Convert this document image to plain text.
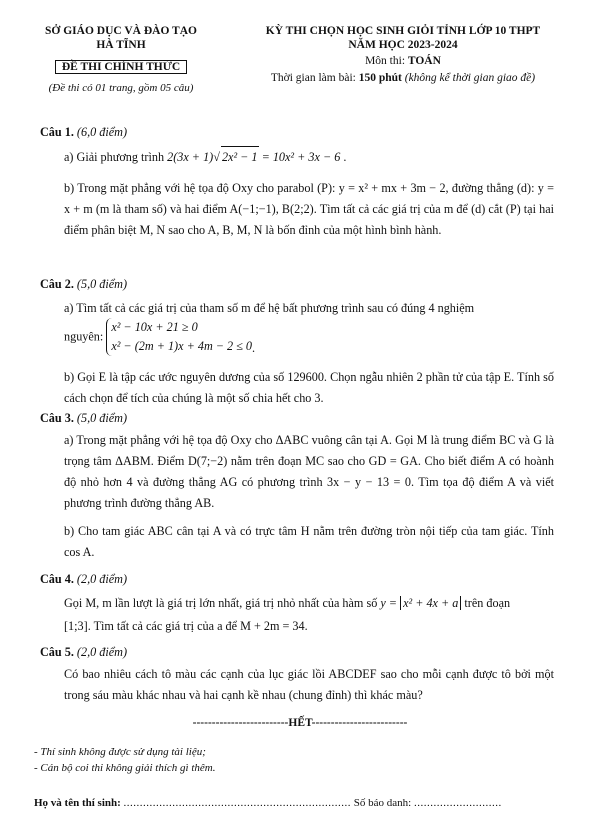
SỞ GIÁO DỤC VÀ ĐÀO TẠO
HÀ TĨNH
ĐỀ THI CHÍNH THỨC
(Đề thi có 01 trang, gồm 05 câu)
KỲ THI CHỌN HỌC SINH GIỎI TỈNH LỚP 10 THPT
NĂM HỌC 2023-2024
Môn thi: TOÁN
Thời gian làm bài: 150 phút (không kể thời gian giao đề)
Câu 1. (6,0 điểm)
a) Giải phương trình 2(3x + 1)√ 2x² − 1 = 10x² + 3x − 6 .
b) Trong mặt phẳng với hệ tọa độ Oxy cho parabol (P): y = x² + mx + 3m − 2, đường thẳng (d): y = x + m (m là tham số) và hai điểm A(−1;−1), B(2;2). Tìm tất cả các giá trị của m để (d) cắt (P) tại hai điểm phân biệt M, N sao cho A, B, M, N là bốn đỉnh của một hình bình hành.
Câu 2. (5,0 điểm)
a) Tìm tất cả các giá trị của tham số m để hệ bất phương trình sau có đúng 4 nghiệm
nguyên: x² − 10x + 21 ≥ 0
x² − (2m + 1)x + 4m − 2 ≤ 0.
b) Gọi E là tập các ước nguyên dương của số 129600. Chọn ngẫu nhiên 2 phần tử của tập E. Tính số cách chọn để tích của chúng là một số chia hết cho 3.
Câu 3. (5,0 điểm)
a) Trong mặt phẳng với hệ tọa độ Oxy cho ΔABC vuông cân tại A. Gọi M là trung điểm BC và G là trọng tâm ΔABM. Điểm D(7;−2) nằm trên đoạn MC sao cho GD = GA. Cho biết điểm A có hoành độ nhỏ hơn 4 và đường thẳng AG có phương trình 3x − y − 13 = 0. Tìm tọa độ điểm A và viết phương trình đường thẳng AB.
b) Cho tam giác ABC cân tại A và có trực tâm H nằm trên đường tròn nội tiếp của tam giác. Tính cos A.
Câu 4. (2,0 điểm)
Gọi M, m lần lượt là giá trị lớn nhất, giá trị nhỏ nhất của hàm số y = x² + 4x + a trên đoạn
[1;3]. Tìm tất cả các giá trị của a để M + 2m = 34.
Câu 5. (2,0 điểm)
Có bao nhiêu cách tô màu các cạnh của lục giác lồi ABCDEF sao cho mỗi cạnh được tô bởi một trong sáu màu khác nhau và hai cạnh kề nhau (chung đỉnh) thì khác màu?
-------------------------HẾT-------------------------
- Thí sinh không được sử dụng tài liệu;
- Cán bộ coi thi không giải thích gì thêm.
Họ và tên thí sinh: ...................................................................... Số báo danh: ...........................
